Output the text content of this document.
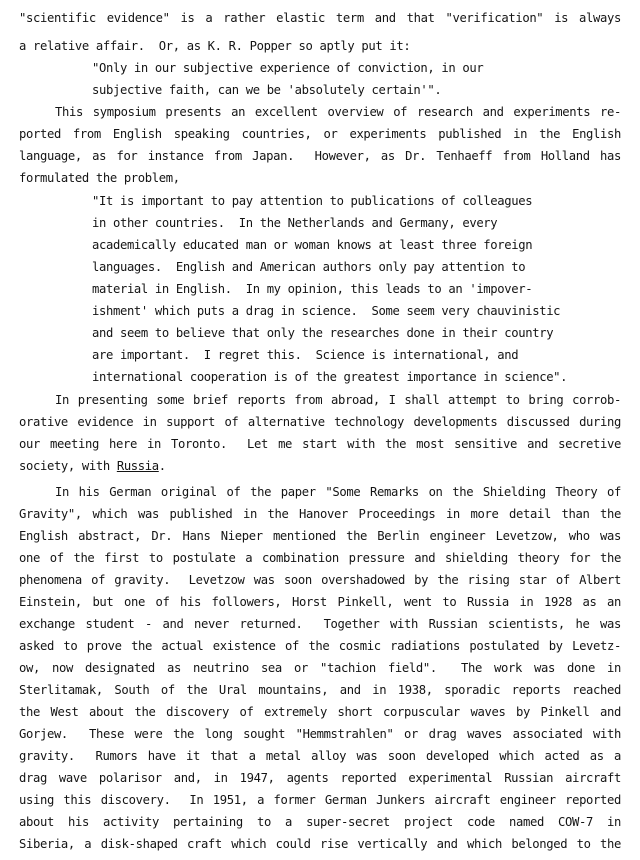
"scientific evidence" is a rather elastic term and that "verification" is always
a relative affair.  Or, as K. R. Popper so aptly put it:
"Only in our subjective experience of conviction, in our
subjective faith, can we be 'absolutely certain'".
This symposium presents an excellent overview of research and experiments re-
ported from English speaking countries, or experiments published in the English
language, as for instance from Japan.  However, as Dr. Tenhaeff from Holland has
formulated the problem,
"It is important to pay attention to publications of colleagues
in other countries.  In the Netherlands and Germany, every
academically educated man or woman knows at least three foreign
languages.  English and American authors only pay attention to
material in English.  In my opinion, this leads to an 'impover-
ishment' which puts a drag in science.  Some seem very chauvinistic
and seem to believe that only the researches done in their country
are important.  I regret this.  Science is international, and
international cooperation is of the greatest importance in science".
In presenting some brief reports from abroad, I shall attempt to bring corrob-
orative evidence in support of alternative technology developments discussed during
our meeting here in Toronto.  Let me start with the most sensitive and secretive
society, with Russia.
In his German original of the paper "Some Remarks on the Shielding Theory of
Gravity", which was published in the Hanover Proceedings in more detail than the
English abstract, Dr. Hans Nieper mentioned the Berlin engineer Levetzow, who was
one of the first to postulate a combination pressure and shielding theory for the
phenomena of gravity.  Levetzow was soon overshadowed by the rising star of Albert
Einstein, but one of his followers, Horst Pinkell, went to Russia in 1928 as an
exchange student - and never returned.  Together with Russian scientists, he was
asked to prove the actual existence of the cosmic radiations postulated by Levetz-
ow, now designated as neutrino sea or "tachion field".  The work was done in
Sterlitamak, South of the Ural mountains, and in 1938, sporadic reports reached
the West about the discovery of extremely short corpuscular waves by Pinkell and
Gorjew.  These were the long sought "Hemmstrahlen" or drag waves associated with
gravity.  Rumors have it that a metal alloy was soon developed which acted as a
drag wave polarisor and, in 1947, agents reported experimental Russian aircraft
using this discovery.  In 1951, a former German Junkers aircraft engineer reported
about his activity pertaining to a super-secret project code named COW-7 in
Siberia, a disk-shaped craft which could rise vertically and which belonged to the
